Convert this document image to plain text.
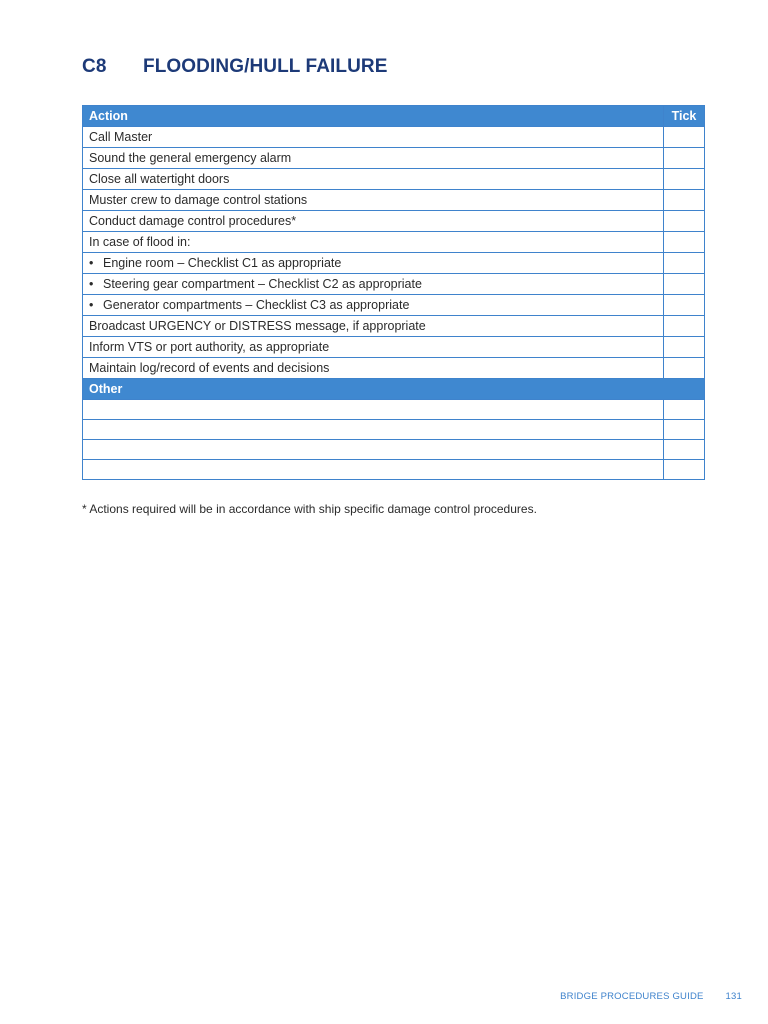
C8 FLOODING/HULL FAILURE
Action	Tick
Call Master	
Sound the general emergency alarm	
Close all watertight doors	
Muster crew to damage control stations	
Conduct damage control procedures*	
In case of flood in:	
• Engine room – Checklist C1 as appropriate	
• Steering gear compartment – Checklist C2 as appropriate	
• Generator compartments – Checklist C3 as appropriate	
Broadcast URGENCY or DISTRESS message, if appropriate	
Inform VTS or port authority, as appropriate	
Maintain log/record of events and decisions	
Other	

* Actions required will be in accordance with ship specific damage control procedures.
BRIDGE PROCEDURES GUIDE 131
